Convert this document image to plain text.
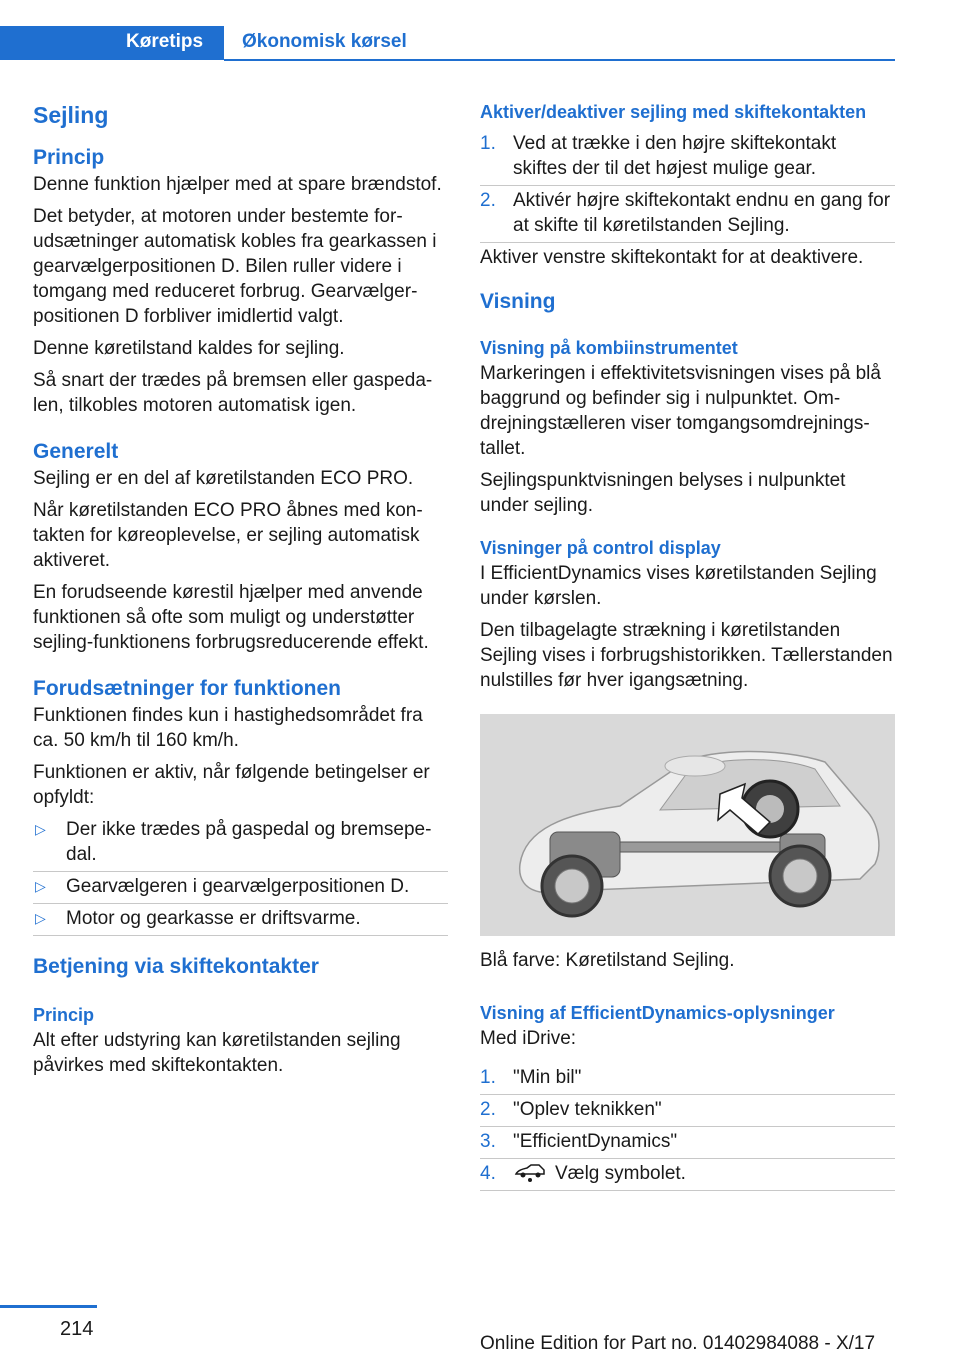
Køretips	Økonomisk kørsel
Sejling
Princip

Denne funktion hjælper med at spare brændstof.

Det betyder, at motoren under bestemte forudsætninger automatisk kobles fra gearkassen i gearvælgerpositionen D. Bilen ruller videre i tomgang med reduceret forbrug. Gearvælgerpositionen D forbliver imidlertid valgt.

Denne køretilstand kaldes for sejling.

Så snart der trædes på bremsen eller gaspedalen, tilkobles motoren automatisk igen.

Generelt

Sejling er en del af køretilstanden ECO PRO.

Når køretilstanden ECO PRO åbnes med kontakten for køreoplevelse, er sejling automatisk aktiveret.

En forudseende kørestil hjælper med anvende funktionen så ofte som muligt og understøtter sejling-funktionens forbrugsreducerende effekt.

Forudsætninger for funktionen

Funktionen findes kun i hastighedsområdet fra ca. 50 km/h til 160 km/h.

Funktionen er aktiv, når følgende betingelser er opfyldt:

▷ Der ikke trædes på gaspedal og bremsepedal.
▷ Gearvælgeren i gearvælgerpositionen D.
▷ Motor og gearkasse er driftsvarme.
Betjening via skiftekontakter
Princip

Alt efter udstyring kan køretilstanden sejling påvirkes med skiftekontakten.

Aktiver/deaktiver sejling med skiftekontakten
1. Ved at trække i den højre skiftekontakt skiftes der til det højest mulige gear.
2. Aktivér højre skiftekontakt endnu en gang for at skifte til køretilstanden Sejling.

Aktiver venstre skiftekontakt for at deaktivere.

Visning
Visning på kombiinstrumentet

Markeringen i effektivitetsvisningen vises på blå baggrund og befinder sig i nulpunktet. Omdrejningstælleren viser tomgangsomdrejningstallet.

Sejlingspunktvisningen belyses i nulpunktet under sejling.

Visninger på control display

I EfficientDynamics vises køretilstanden Sejling under kørslen.

Den tilbagelagte strækning i køretilstanden Sejling vises i forbrugshistorikken. Tællerstanden nulstilles før hver igangsætning.

Blå farve: Køretilstand Sejling.

Visning af EfficientDynamics-oplysninger

Med iDrive:

1. "Min bil"
2. "Oplev teknikken"
3. "EfficientDynamics"
4.	Vælg symbolet.
214
Online Edition for Part no. 01402984088 - X/17
